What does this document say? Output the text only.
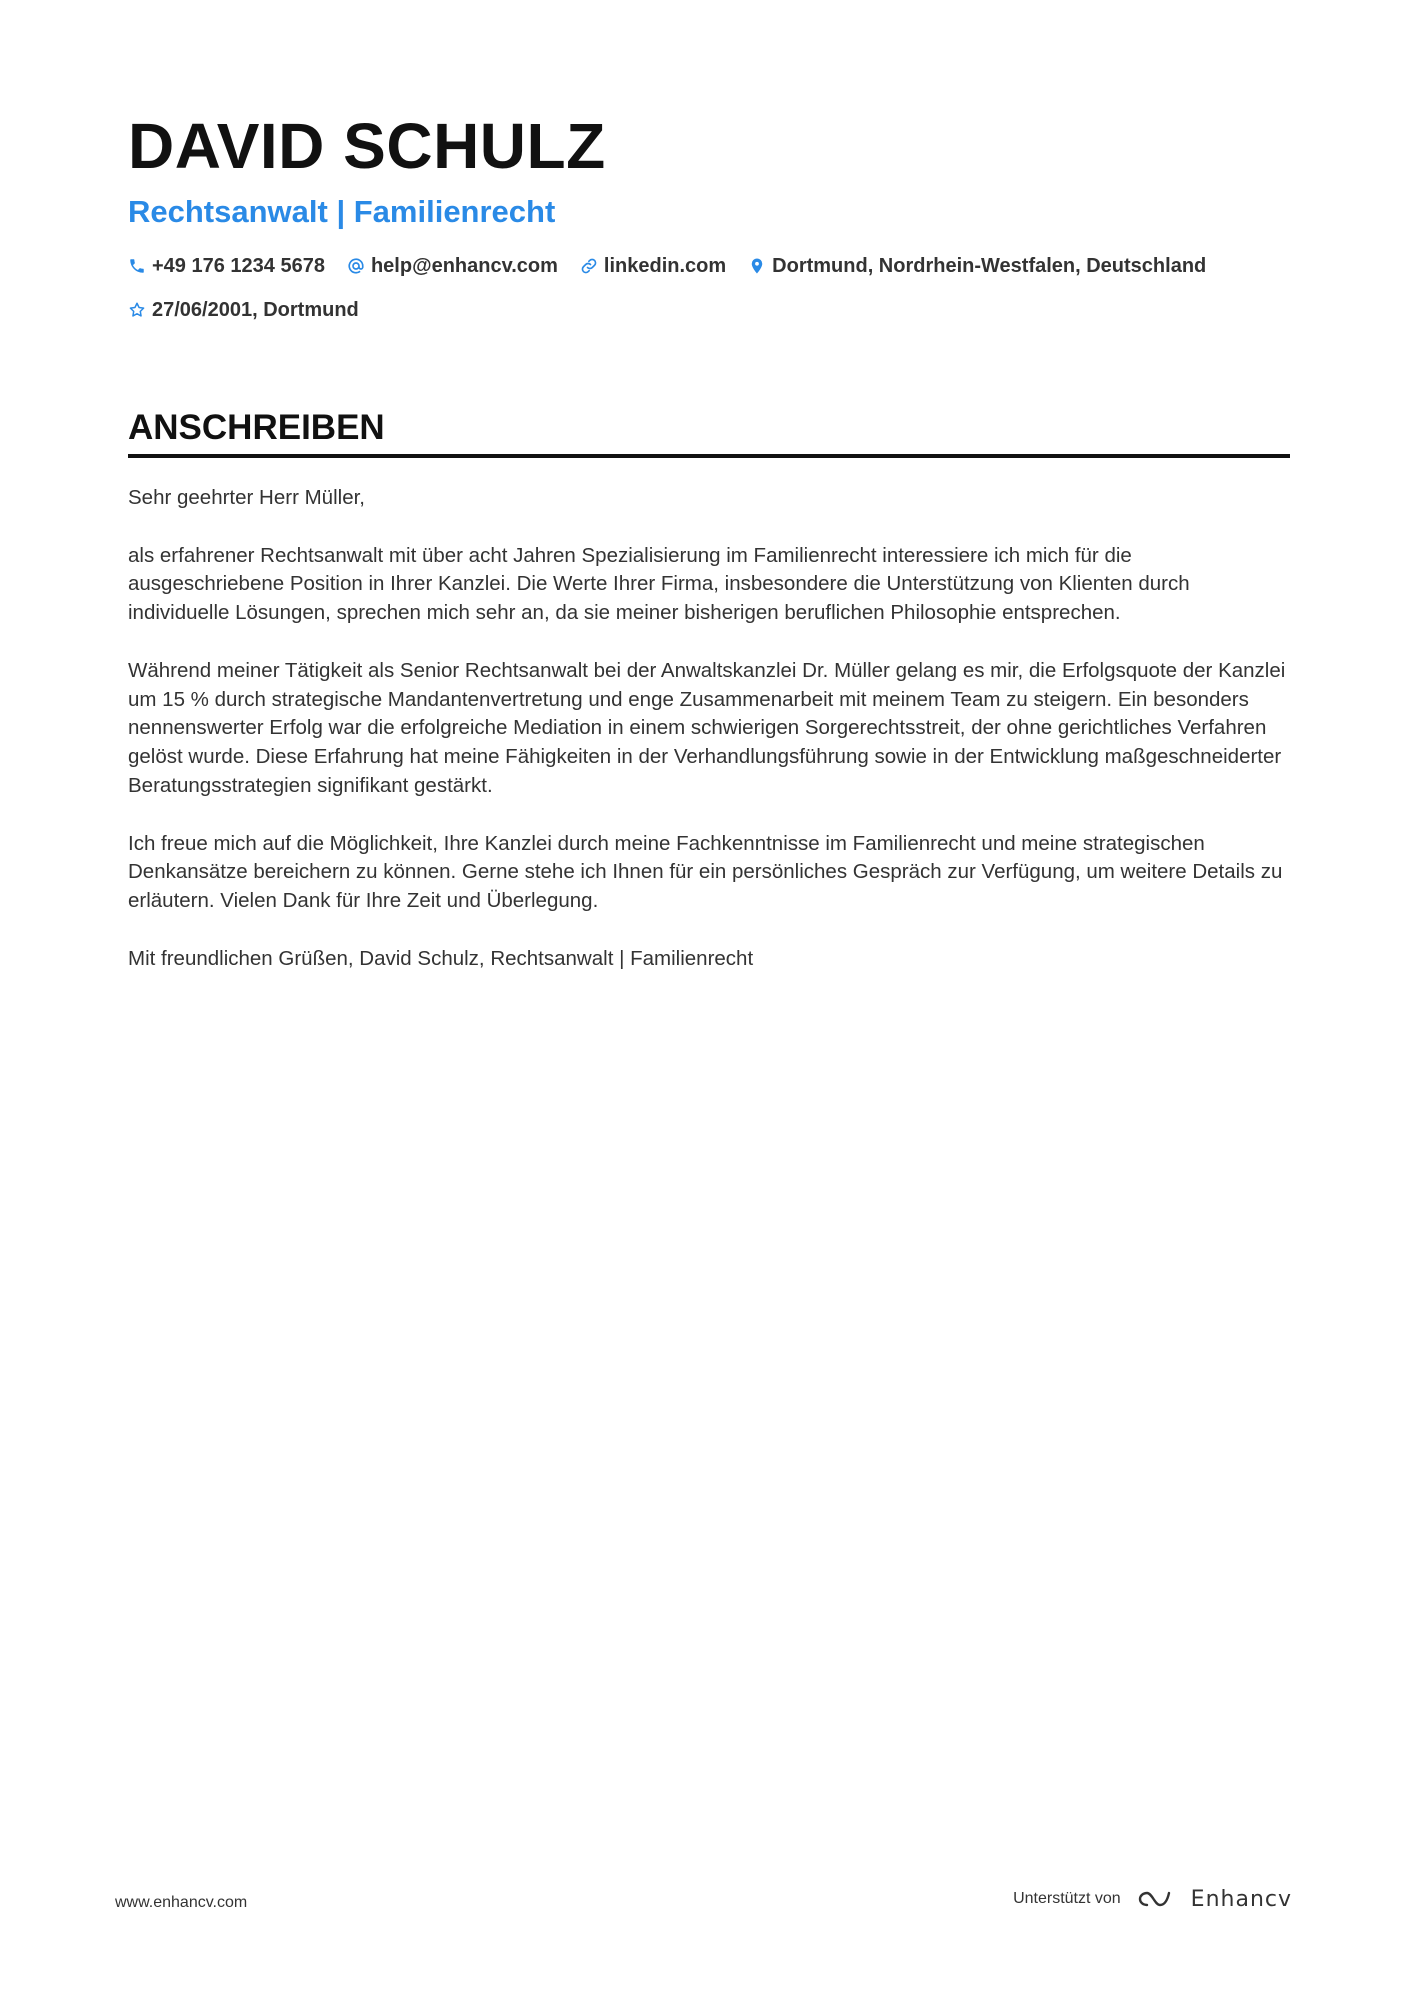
DAVID SCHULZ
Rechtsanwalt | Familienrecht
+49 176 1234 5678 help@enhancv.com linkedin.com Dortmund, Nordrhein-Westfalen, Deutschland
27/06/2001, Dortmund
ANSCHREIBEN

Sehr geehrter Herr Müller,

als erfahrener Rechtsanwalt mit über acht Jahren Spezialisierung im Familienrecht interessiere ich mich für die ausgeschriebene Position in Ihrer Kanzlei. Die Werte Ihrer Firma, insbesondere die Unterstützung von Klienten durch individuelle Lösungen, sprechen mich sehr an, da sie meiner bisherigen beruflichen Philosophie entsprechen.

Während meiner Tätigkeit als Senior Rechtsanwalt bei der Anwaltskanzlei Dr. Müller gelang es mir, die Erfolgsquote der Kanzlei um 15 % durch strategische Mandantenvertretung und enge Zusammenarbeit mit meinem Team zu steigern. Ein besonders nennenswerter Erfolg war die erfolgreiche Mediation in einem schwierigen Sorgerechtsstreit, der ohne gerichtliches Verfahren gelöst wurde. Diese Erfahrung hat meine Fähigkeiten in der Verhandlungsführung sowie in der Entwicklung maßgeschneiderter Beratungsstrategien signifikant gestärkt.

Ich freue mich auf die Möglichkeit, Ihre Kanzlei durch meine Fachkenntnisse im Familienrecht und meine strategischen Denkansätze bereichern zu können. Gerne stehe ich Ihnen für ein persönliches Gespräch zur Verfügung, um weitere Details zu erläutern. Vielen Dank für Ihre Zeit und Überlegung.

Mit freundlichen Grüßen, David Schulz, Rechtsanwalt | Familienrecht

www.enhancv.com	Unterstützt von	Enhancv
